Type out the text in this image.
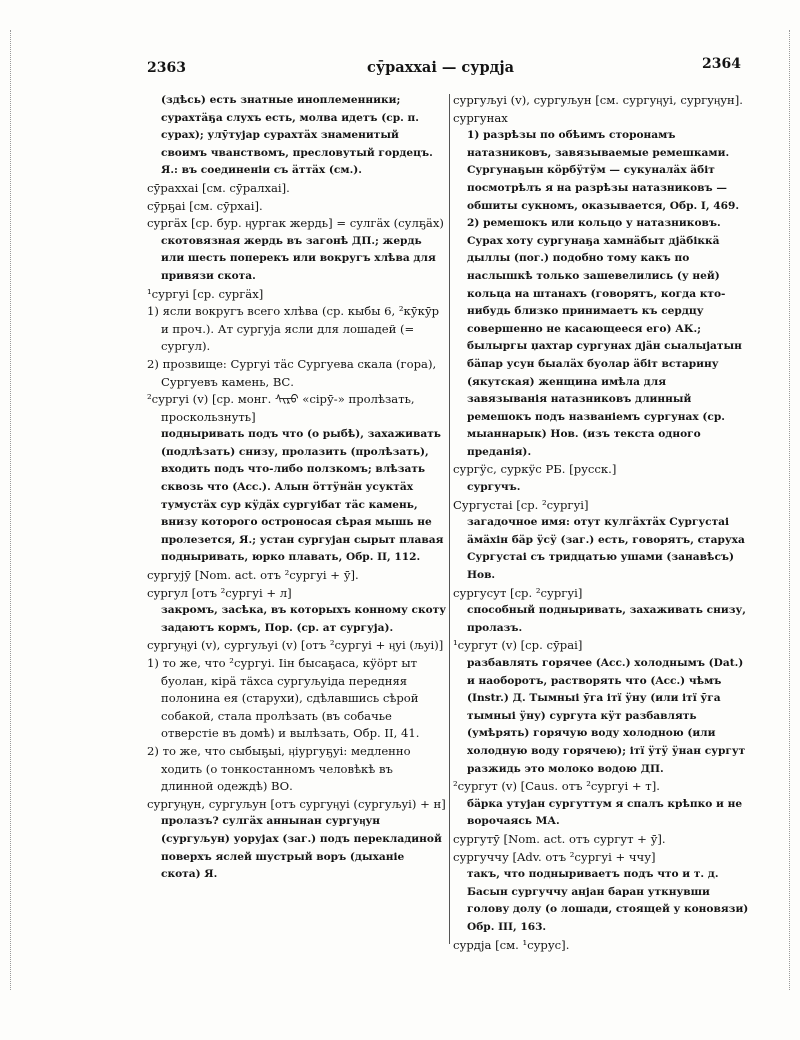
2363	сӯраххаі — сурдја	2364

(здѣсь) есть знатные иноплеменники; сурахтӓҕа слухъ есть, молва идетъ (ср. п. сурах); улӯтујар сурахтӓх знаменитый своимъ чванствомъ, пресловутый гордецъ. Я.: въ соединеніи съ äттäх (см.).

сӯраххаі [см. сӯралхаі].

сӯрҕаі [см. сӯрхаі].

сургӓх [ср. бур. ӊургак жердь] = сулгӓх (сулҕӓх)

скотовязная жердь въ загонѣ ДП.; жердь или шесть поперекъ или вокругъ хлѣва для привязи скота.

¹сургуі [ср. сургӓх]

1) ясли вокругъ всего хлѣва (ср. кыбы 6, ²кӯкӯр и проч.). Ат сургуја ясли для лошадей (= сургул).

2) прозвище: Сургуі тӓс Сургуева скала (гора), Сургуевъ камень, ВС.

²сургуі (v) [ср. монг. ᠰᠢᠷᠤ «сірӯ-» пролѣзать, проскользнуть]

подныривать подъ что (о рыбѣ), захаживать (подлѣзать) снизу, пролазить (пролѣзать), входить подъ что-либо ползкомъ; влѣзать сквозь что (Acc.). Алын öттӱнäн усуктäх тумустäх сур кӱдäх сургуібат тӓс камень, внизу которого остроносая сѣрая мышь не пролезется, Я.; устан сургујан сырыт плавая подныривать, юрко плавать, Обр. II, 112.

сургујӯ [Nom. act. отъ ²сургуі + ӯ].

сургул [отъ ²сургуі + л]

закромъ, засѣка, въ которыхъ конному скоту задаютъ кормъ, Пор. (ср. ат сургуја).

сургуӊуі (v), сургуљуі (v) [отъ ²сургуі + ӊуі (љуі)]

1) то же, что ²сургуі. Ӏін бысаҕаса, кӱöрт ыт буолан, кірӓ тäхса сургуљуіда передняя полонина ея (старухи), сдѣлавшись сѣрой собакой, стала пролѣзать (въ собачье отверстіе въ домѣ) и вылѣзать, Обр. II, 41.

2) то же, что сыбыҕыі, ӊіургуҕуі: медленно ходить (о тонкостанномъ человѣкѣ въ длинной одеждѣ) ВО.

сургуӊун, сургуљун [отъ сургуӊуі (сургуљуі) + н]

пролазъ? сулгӓх аннынан сургуӊун (сургуљун) уорујах (заг.) подъ перекладиной поверхъ яслей шустрый воръ (дыханіе скота) Я.

сургуљуі (v), сургуљун [см. сургуӊуі, сургуӊун].

сургунах

1) разрѣзы по обѣимъ сторонамъ натазниковъ, завязываемые ремешками. Сургунаҕын кöрбӱтӱм — сукуналäх äбіт посмотрѣлъ я на разрѣзы натазниковъ — обшиты сукномъ, оказывается, Обр. I, 469.

2) ремешокъ или кольцо у натазниковъ. Сурах хоту сургунаҕа хамнäбыт дјäбіккä дыллы (пог.) подобно тому какъ по наслышкѣ только зашевелились (у ней) кольца на штанахъ (говорятъ, когда кто-нибудь близко принимаетъ къ сердцу совершенно не касающееся его) АК.; былыргы џахтар сургунах дјäн сыалыјатын бäпар усун быалäх буолар äбіт встарину (якутская) женщина имѣла для завязыванія натазниковъ длинный ремешокъ подъ названіемъ сургунах (ср. мыаннарык) Нов. (изъ текста одного преданія).

сургӱс, суркӱс РБ. [русск.]

сургучъ.

Сургустаі [ср. ²сургуі]

загадочное имя: отут кулгäхтäх Сургустаі äмäхін бäр ӱсӱ (заг.) есть, говорятъ, старуха Сургустаі съ тридцатью ушами (занавѣсъ) Нов.

сургусут [ср. ²сургуі]

способный подныривать, захаживать снизу, пролазъ.

¹сургут (v) [ср. сӯраі]

разбавлять горячее (Acc.) холоднымъ (Dat.) и наоборотъ, растворять что (Acc.) чѣмъ (Instr.) Д. Тымныі ӯга ітї ӱну (или ітї ӯга тымныі ӱну) сургута кӱт разбавлять (умѣрять) горячую воду холодною (или холодную воду горячею); ітї ӱтӱ ӱнан сургут разжидь это молоко водою ДП.

²сургут (v) [Caus. отъ ²сургуі + т].

бäрка утујан сургуттум я спалъ крѣпко и не ворочаясь МА.

сургутӯ [Nom. act. отъ сургут + ӯ].

сургуччу [Adv. отъ ²сургуі + ччу]

такъ, что подныриваетъ подъ что и т. д. Басын сургуччу анјан баран уткнувши голову долу (о лошади, стоящей у коновязи) Обр. III, 163.

сурдја [см. ¹сурус].
